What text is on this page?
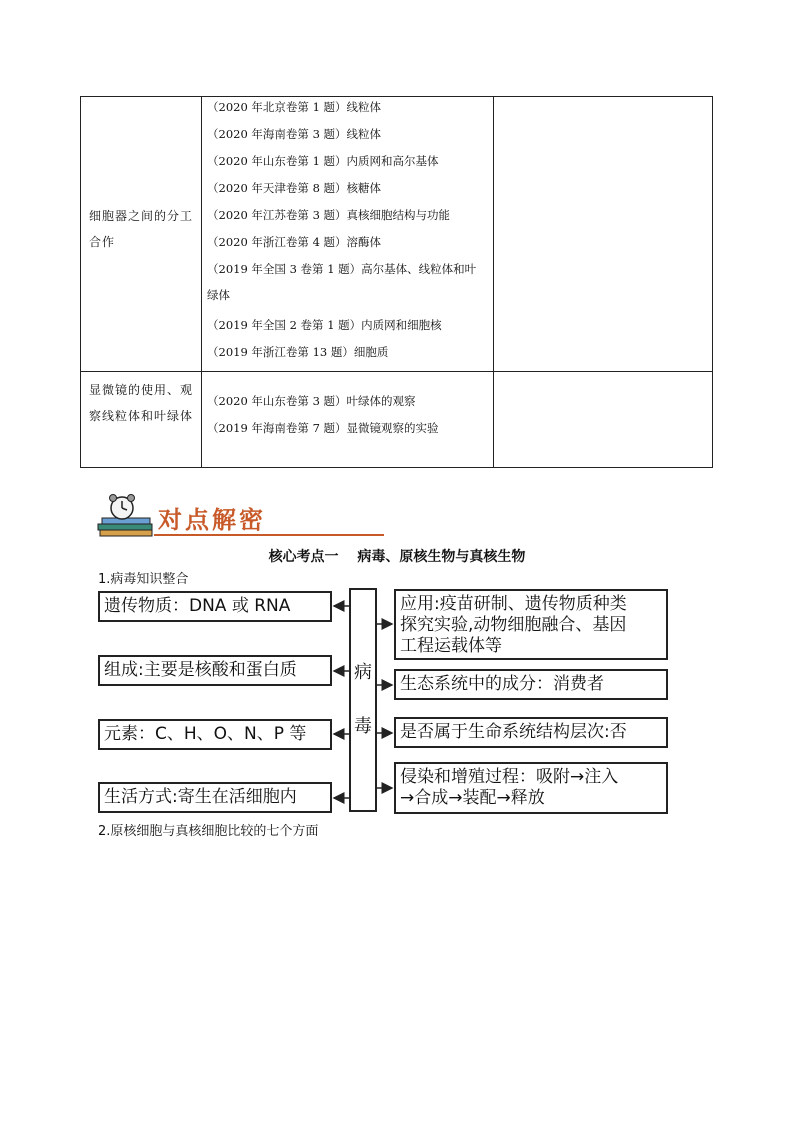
细胞器之间的分工合作
（2020 年北京卷第 1 题）线粒体
（2020 年海南卷第 3 题）线粒体
（2020 年山东卷第 1 题）内质网和高尔基体
（2020 年天津卷第 8 题）核糖体
（2020 年江苏卷第 3 题）真核细胞结构与功能
（2020 年浙江卷第 4 题）溶酶体
（2019 年全国 3 卷第 1 题）高尔基体、线粒体和叶绿体
（2019 年全国 2 卷第 1 题）内质网和细胞核
（2019 年浙江卷第 13 题）细胞质
显微镜的使用、观察线粒体和叶绿体
（2020 年山东卷第 3 题）叶绿体的观察
（2019 年海南卷第 7 题）显微镜观察的实验
对点解密
核心考点一　 病毒、原核生物与真核生物
1.病毒知识整合
病
毒
遗传物质：DNA 或 RNA
组成:主要是核酸和蛋白质
元素：C、H、O、N、P 等
生活方式:寄生在活细胞内
应用:疫苗研制、遗传物质种类
探究实验,动物细胞融合、基因
工程运载体等
生态系统中的成分：消费者
是否属于生命系统结构层次:否
侵染和增殖过程：吸附→注入
→合成→装配→释放
2.原核细胞与真核细胞比较的七个方面
